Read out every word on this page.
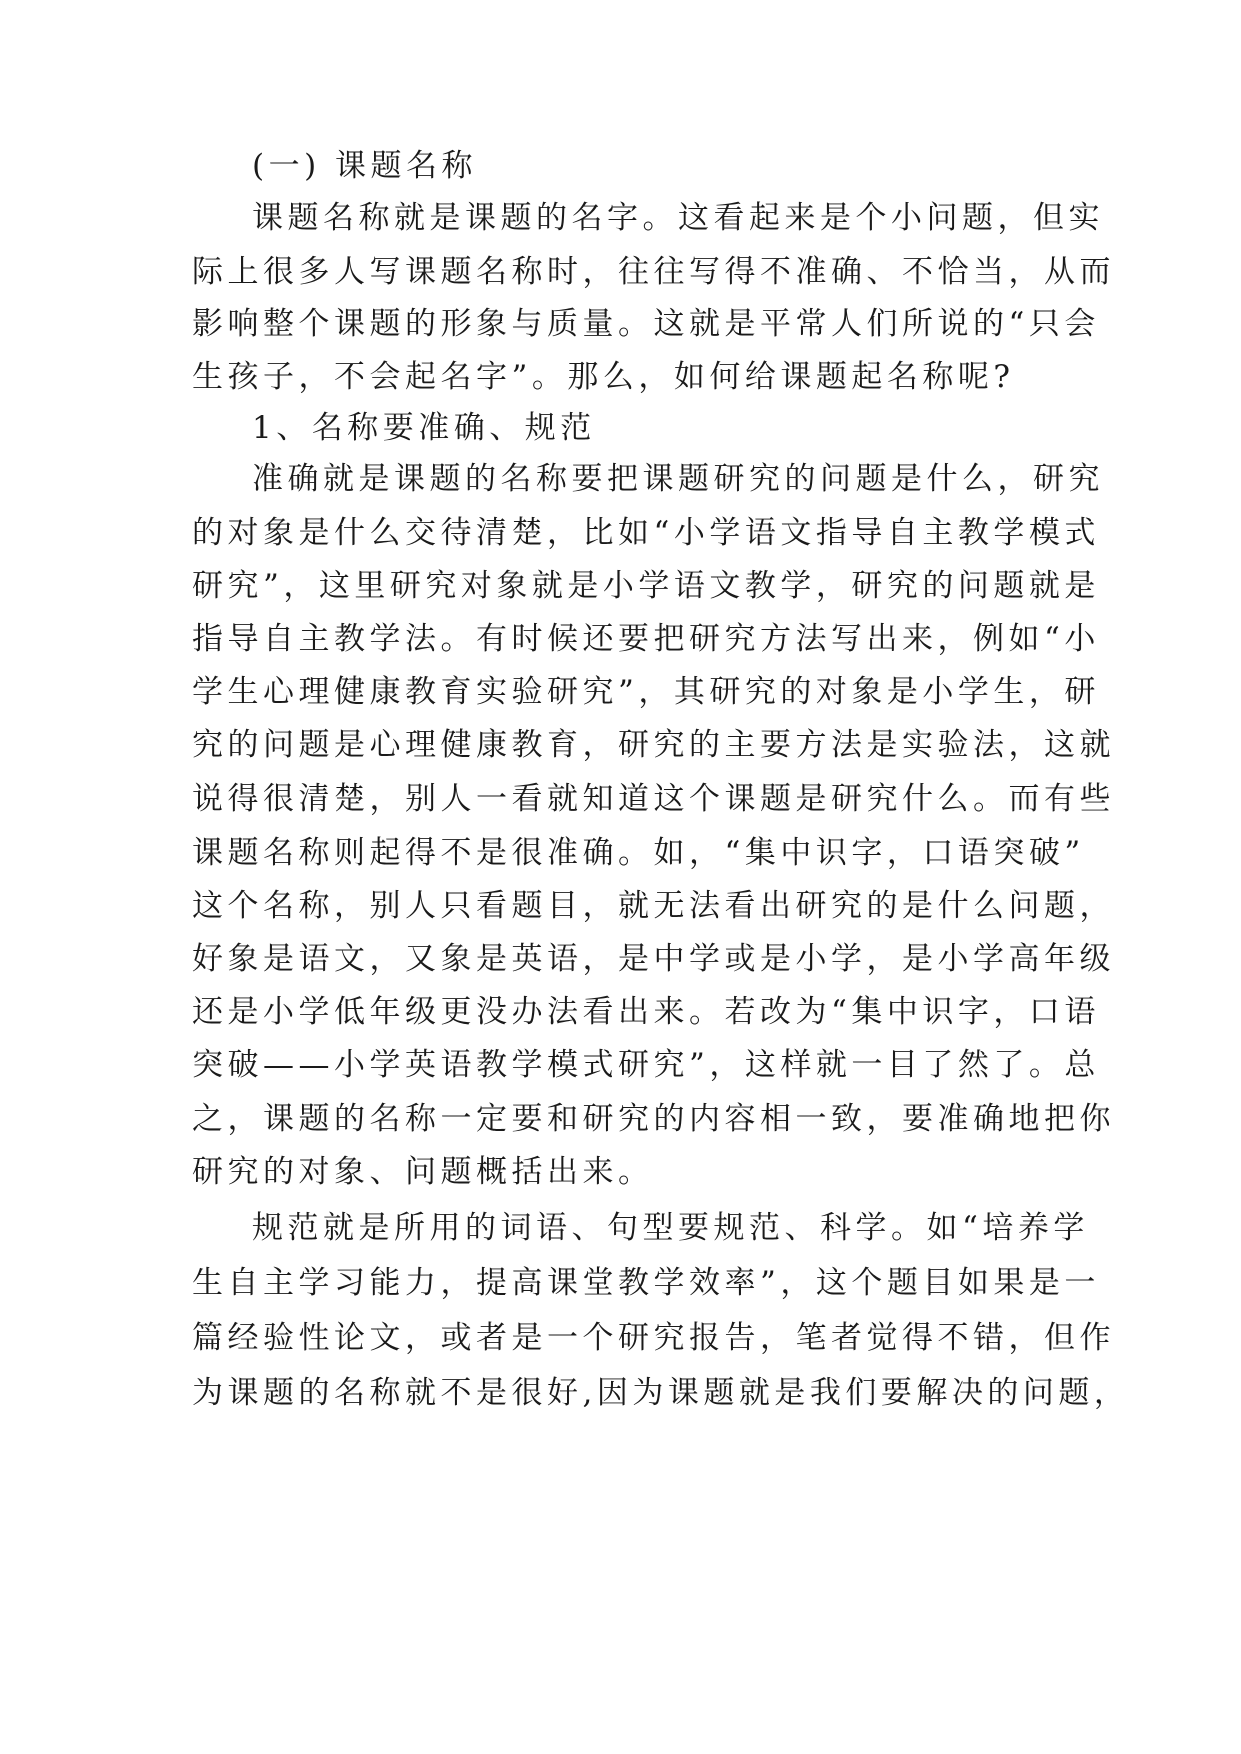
(一) 课题名称
课题名称就是课题的名字。这看起来是个小问题，但实
际上很多人写课题名称时，往往写得不准确、不恰当，从而
影响整个课题的形象与质量。这就是平常人们所说的“只会
生孩子，不会起名字”。那么，如何给课题起名称呢?
1、名称要准确、规范
准确就是课题的名称要把课题研究的问题是什么，研究
的对象是什么交待清楚，比如“小学语文指导自主教学模式
研究”，这里研究对象就是小学语文教学，研究的问题就是
指导自主教学法。有时候还要把研究方法写出来，例如“小
学生心理健康教育实验研究”，其研究的对象是小学生，研
究的问题是心理健康教育，研究的主要方法是实验法，这就
说得很清楚，别人一看就知道这个课题是研究什么。而有些
课题名称则起得不是很准确。如，“集中识字，口语突破”
这个名称，别人只看题目，就无法看出研究的是什么问题，
好象是语文，又象是英语，是中学或是小学，是小学高年级
还是小学低年级更没办法看出来。若改为“集中识字，口语
突破——小学英语教学模式研究”，这样就一目了然了。总
之，课题的名称一定要和研究的内容相一致，要准确地把你
研究的对象、问题概括出来。
规范就是所用的词语、句型要规范、科学。如“培养学
生自主学习能力，提高课堂教学效率”，这个题目如果是一
篇经验性论文，或者是一个研究报告，笔者觉得不错，但作
为课题的名称就不是很好,因为课题就是我们要解决的问题，
